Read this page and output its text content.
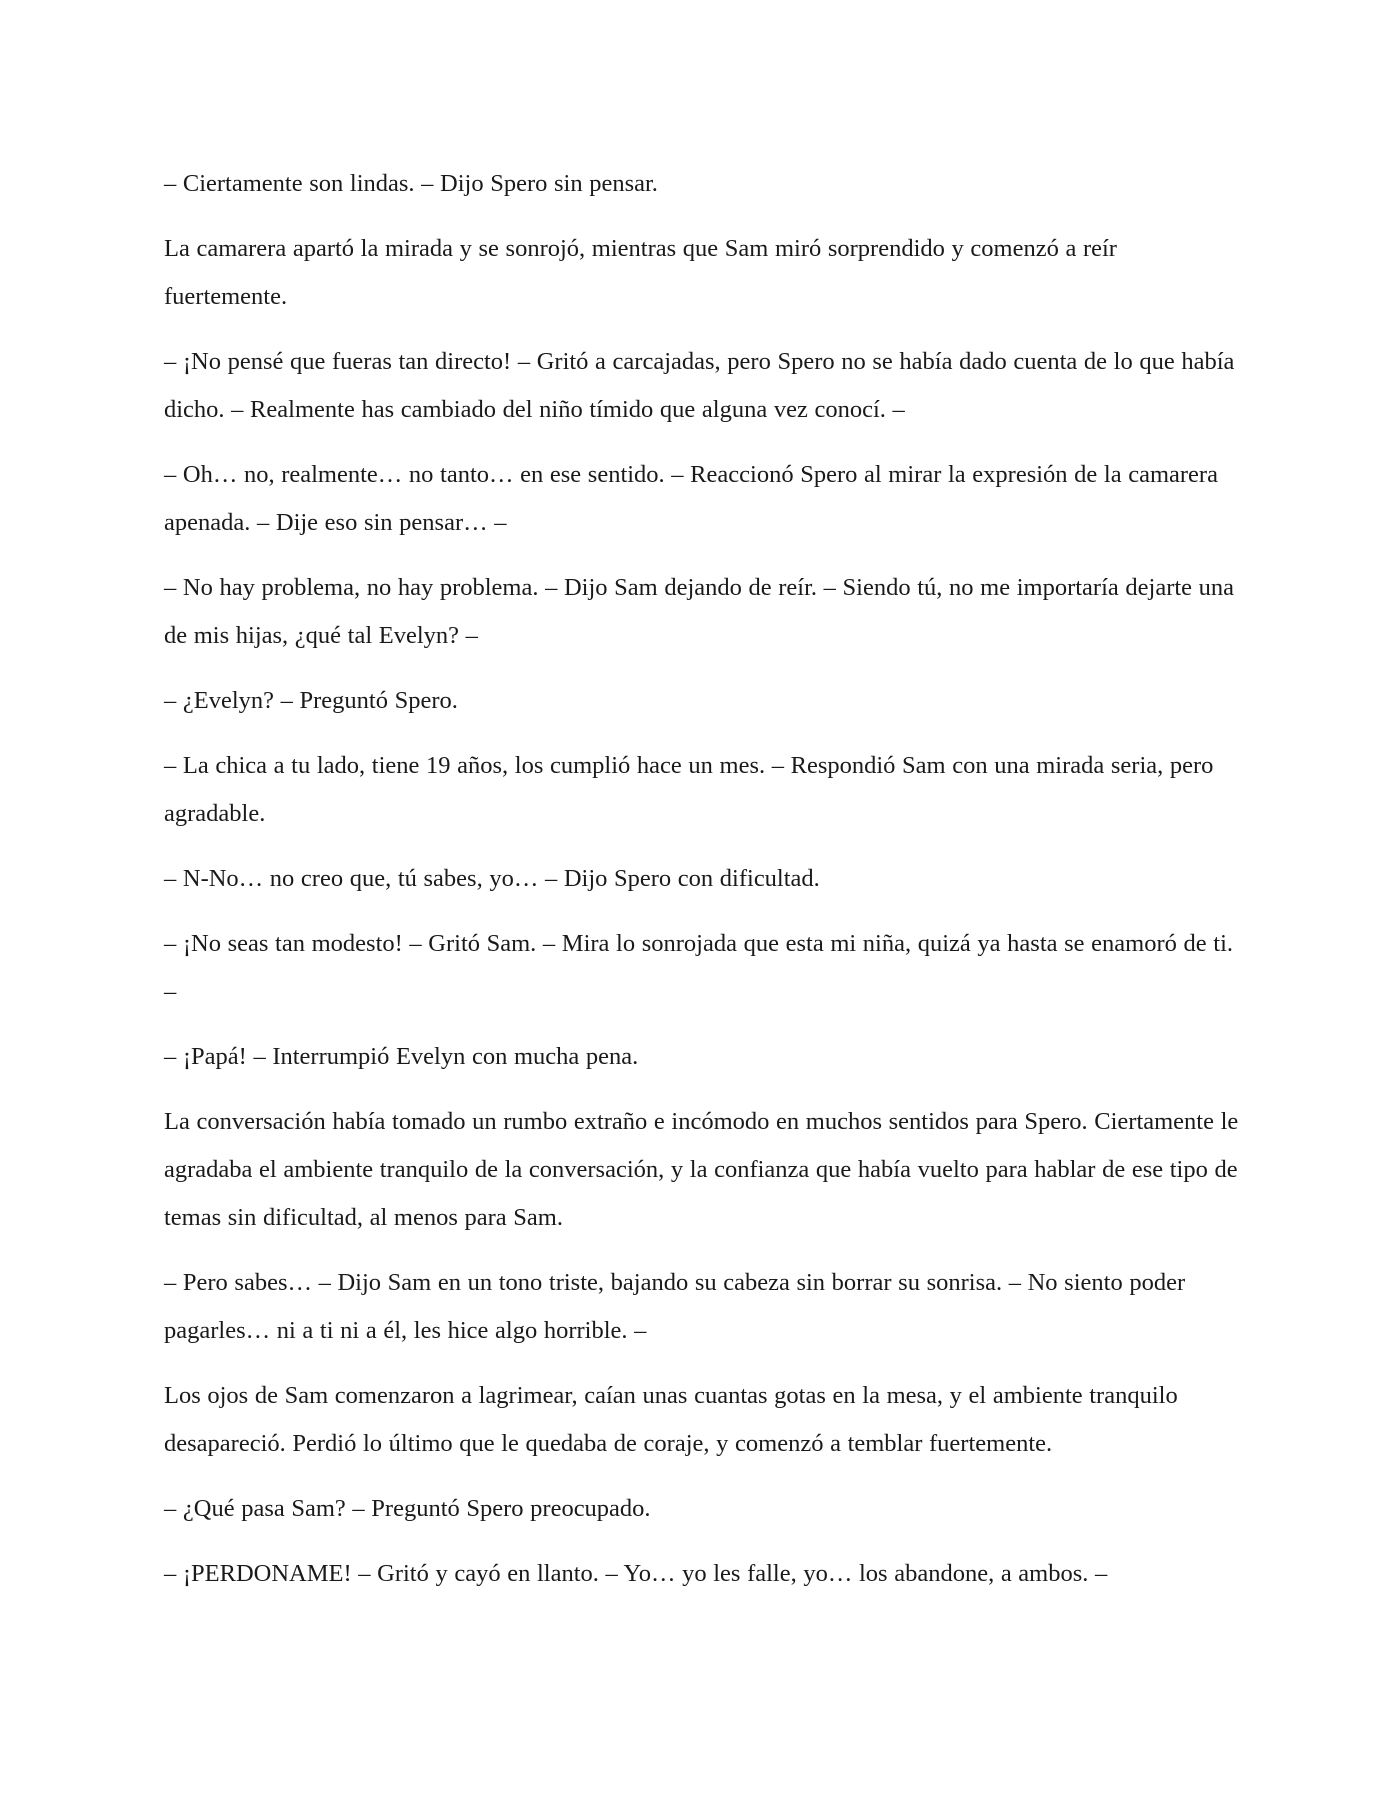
– Ciertamente son lindas. – Dijo Spero sin pensar.

La camarera apartó la mirada y se sonrojó, mientras que Sam miró sorprendido y comenzó a reír fuertemente.

– ¡No pensé que fueras tan directo! – Gritó a carcajadas, pero Spero no se había dado cuenta de lo que había dicho. – Realmente has cambiado del niño tímido que alguna vez conocí. –

– Oh… no, realmente… no tanto… en ese sentido. – Reaccionó Spero al mirar la expresión de la camarera apenada. – Dije eso sin pensar… –

– No hay problema, no hay problema. – Dijo Sam dejando de reír. – Siendo tú, no me importaría dejarte una de mis hijas, ¿qué tal Evelyn? –

– ¿Evelyn? – Preguntó Spero.

– La chica a tu lado, tiene 19 años, los cumplió hace un mes. – Respondió Sam con una mirada seria, pero agradable.

– N-No… no creo que, tú sabes, yo… – Dijo Spero con dificultad.

– ¡No seas tan modesto! – Gritó Sam. – Mira lo sonrojada que esta mi niña, quizá ya hasta se enamoró de ti. –

– ¡Papá! – Interrumpió Evelyn con mucha pena.

La conversación había tomado un rumbo extraño e incómodo en muchos sentidos para Spero. Ciertamente le agradaba el ambiente tranquilo de la conversación, y la confianza que había vuelto para hablar de ese tipo de temas sin dificultad, al menos para Sam.

– Pero sabes… – Dijo Sam en un tono triste, bajando su cabeza sin borrar su sonrisa. – No siento poder pagarles… ni a ti ni a él, les hice algo horrible. –

Los ojos de Sam comenzaron a lagrimear, caían unas cuantas gotas en la mesa, y el ambiente tranquilo desapareció. Perdió lo último que le quedaba de coraje, y comenzó a temblar fuertemente.

– ¿Qué pasa Sam? – Preguntó Spero preocupado.

– ¡PERDONAME! – Gritó y cayó en llanto. – Yo… yo les falle, yo… los abandone, a ambos. –
